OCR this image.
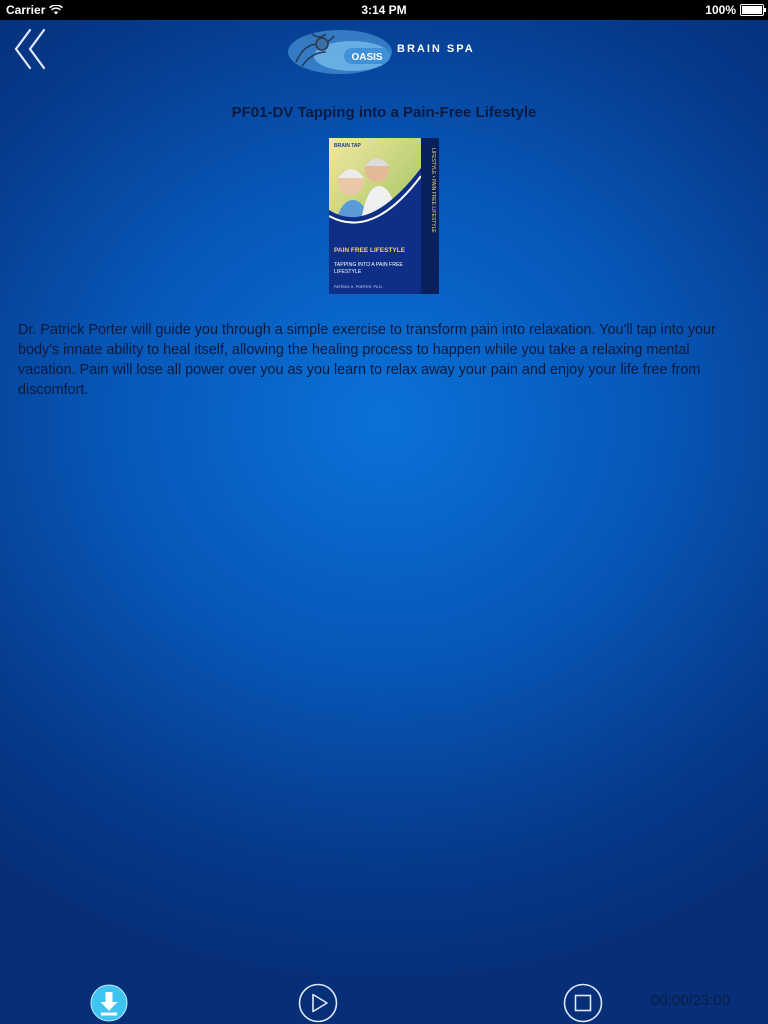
Carrier	3:14 PM	100%
OASIS
BRAIN SPA
PF01-DV Tapping into a Pain-Free Lifestyle
LIFESTYLE • PAIN FREE LIFESTYLE
BRAIN TAP
PAIN FREE LIFESTYLE
TAPPING INTO A PAIN FREE
LIFESTYLE
PATRICK K. PORTER, Ph.D.
Dr. Patrick Porter will guide you through a simple exercise to transform pain into relaxation. You'll tap into your body's innate ability to heal itself, allowing the healing process to happen while you take a relaxing mental vacation. Pain will lose all power over you as you learn to relax away your pain and enjoy your life free from discomfort.
00:00/23:00
